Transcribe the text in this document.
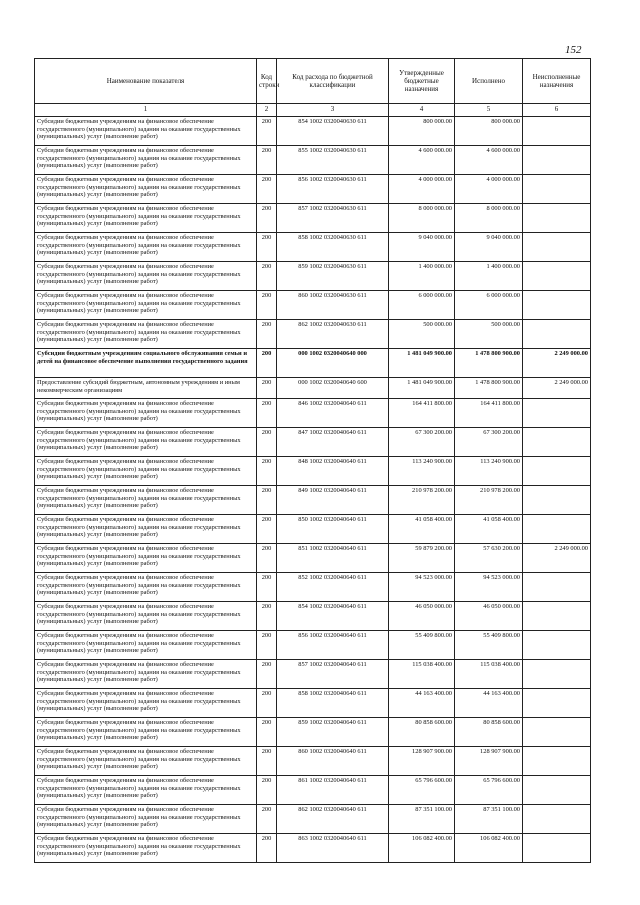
152
Наименование показателя	Код строки	Код расхода по бюджетной классификации	Утвержденные бюджетные назначения	Исполнено	Неисполненные назначения
1	2	3	4	5	6
Субсидии бюджетным учреждениям на финансовое обеспечение государственного (муниципального) задания на оказание государственных (муниципальных) услуг (выполнение работ)	200	854 1002 0320040630 611	800 000.00	800 000.00	
Субсидии бюджетным учреждениям на финансовое обеспечение государственного (муниципального) задания на оказание государственных (муниципальных) услуг (выполнение работ)	200	855 1002 0320040630 611	4 600 000.00	4 600 000.00	
Субсидии бюджетным учреждениям на финансовое обеспечение государственного (муниципального) задания на оказание государственных (муниципальных) услуг (выполнение работ)	200	856 1002 0320040630 611	4 000 000.00	4 000 000.00	
Субсидии бюджетным учреждениям на финансовое обеспечение государственного (муниципального) задания на оказание государственных (муниципальных) услуг (выполнение работ)	200	857 1002 0320040630 611	8 000 000.00	8 000 000.00	
Субсидии бюджетным учреждениям на финансовое обеспечение государственного (муниципального) задания на оказание государственных (муниципальных) услуг (выполнение работ)	200	858 1002 0320040630 611	9 040 000.00	9 040 000.00	
Субсидии бюджетным учреждениям на финансовое обеспечение государственного (муниципального) задания на оказание государственных (муниципальных) услуг (выполнение работ)	200	859 1002 0320040630 611	1 400 000.00	1 400 000.00	
Субсидии бюджетным учреждениям на финансовое обеспечение государственного (муниципального) задания на оказание государственных (муниципальных) услуг (выполнение работ)	200	860 1002 0320040630 611	6 000 000.00	6 000 000.00	
Субсидии бюджетным учреждениям на финансовое обеспечение государственного (муниципального) задания на оказание государственных (муниципальных) услуг (выполнение работ)	200	862 1002 0320040630 611	500 000.00	500 000.00	
Субсидии бюджетным учреждениям социального обслуживания семьи и детей на финансовое обеспечение выполнения государственного задания	200	000 1002 0320040640 000	1 481 049 900.00	1 478 800 900.00	2 249 000.00
Предоставление субсидий бюджетным, автономным учреждениям и иным некоммерческим организациям	200	000 1002 0320040640 600	1 481 049 900.00	1 478 800 900.00	2 249 000.00
Субсидии бюджетным учреждениям на финансовое обеспечение государственного (муниципального) задания на оказание государственных (муниципальных) услуг (выполнение работ)	200	846 1002 0320040640 611	164 411 800.00	164 411 800.00	
Субсидии бюджетным учреждениям на финансовое обеспечение государственного (муниципального) задания на оказание государственных (муниципальных) услуг (выполнение работ)	200	847 1002 0320040640 611	67 300 200.00	67 300 200.00	
Субсидии бюджетным учреждениям на финансовое обеспечение государственного (муниципального) задания на оказание государственных (муниципальных) услуг (выполнение работ)	200	848 1002 0320040640 611	113 240 900.00	113 240 900.00	
Субсидии бюджетным учреждениям на финансовое обеспечение государственного (муниципального) задания на оказание государственных (муниципальных) услуг (выполнение работ)	200	849 1002 0320040640 611	210 978 200.00	210 978 200.00	
Субсидии бюджетным учреждениям на финансовое обеспечение государственного (муниципального) задания на оказание государственных (муниципальных) услуг (выполнение работ)	200	850 1002 0320040640 611	41 058 400.00	41 058 400.00	
Субсидии бюджетным учреждениям на финансовое обеспечение государственного (муниципального) задания на оказание государственных (муниципальных) услуг (выполнение работ)	200	851 1002 0320040640 611	59 879 200.00	57 630 200.00	2 249 000.00
Субсидии бюджетным учреждениям на финансовое обеспечение государственного (муниципального) задания на оказание государственных (муниципальных) услуг (выполнение работ)	200	852 1002 0320040640 611	94 523 000.00	94 523 000.00	
Субсидии бюджетным учреждениям на финансовое обеспечение государственного (муниципального) задания на оказание государственных (муниципальных) услуг (выполнение работ)	200	854 1002 0320040640 611	46 050 000.00	46 050 000.00	
Субсидии бюджетным учреждениям на финансовое обеспечение государственного (муниципального) задания на оказание государственных (муниципальных) услуг (выполнение работ)	200	856 1002 0320040640 611	55 409 800.00	55 409 800.00	
Субсидии бюджетным учреждениям на финансовое обеспечение государственного (муниципального) задания на оказание государственных (муниципальных) услуг (выполнение работ)	200	857 1002 0320040640 611	115 038 400.00	115 038 400.00	
Субсидии бюджетным учреждениям на финансовое обеспечение государственного (муниципального) задания на оказание государственных (муниципальных) услуг (выполнение работ)	200	858 1002 0320040640 611	44 163 400.00	44 163 400.00	
Субсидии бюджетным учреждениям на финансовое обеспечение государственного (муниципального) задания на оказание государственных (муниципальных) услуг (выполнение работ)	200	859 1002 0320040640 611	80 858 600.00	80 858 600.00	
Субсидии бюджетным учреждениям на финансовое обеспечение государственного (муниципального) задания на оказание государственных (муниципальных) услуг (выполнение работ)	200	860 1002 0320040640 611	128 907 900.00	128 907 900.00	
Субсидии бюджетным учреждениям на финансовое обеспечение государственного (муниципального) задания на оказание государственных (муниципальных) услуг (выполнение работ)	200	861 1002 0320040640 611	65 796 600.00	65 796 600.00	
Субсидии бюджетным учреждениям на финансовое обеспечение государственного (муниципального) задания на оказание государственных (муниципальных) услуг (выполнение работ)	200	862 1002 0320040640 611	87 351 100.00	87 351 100.00	
Субсидии бюджетным учреждениям на финансовое обеспечение государственного (муниципального) задания на оказание государственных (муниципальных) услуг (выполнение работ)	200	863 1002 0320040640 611	106 082 400.00	106 082 400.00	
